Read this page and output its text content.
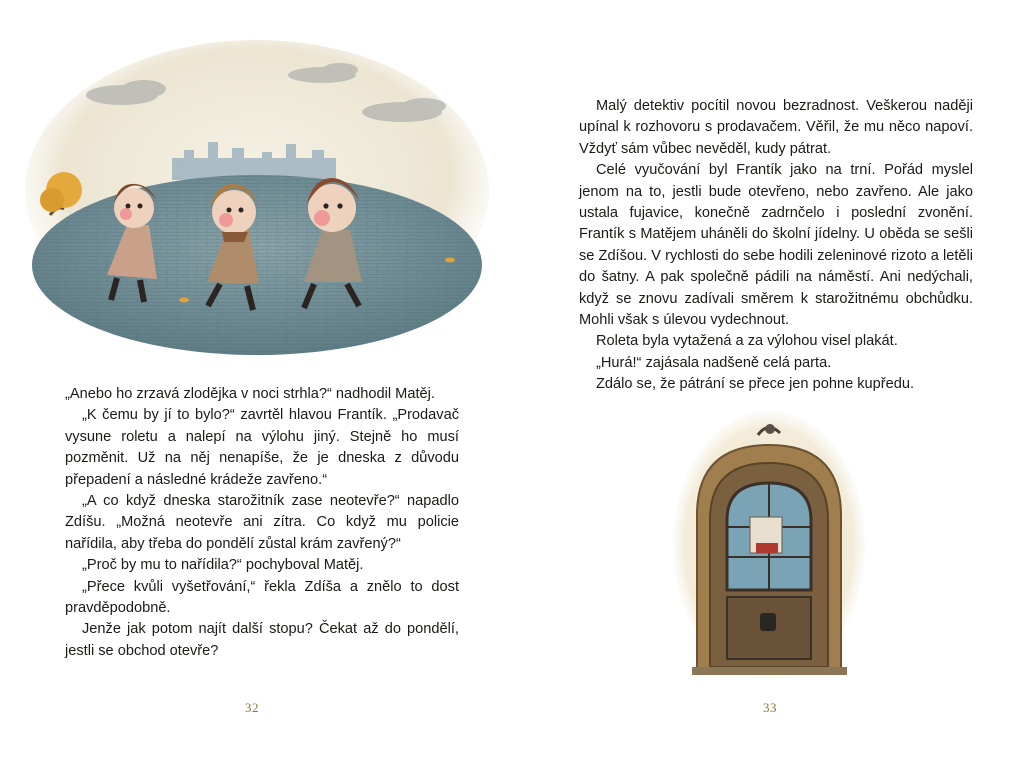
„Anebo ho zrzavá zlodějka v noci strhla?“ nadhodil Matěj.

„K čemu by jí to bylo?“ zavrtěl hlavou Frantík. „Prodavač vysune roletu a nalepí na výlohu jiný. Stejně ho musí pozměnit. Už na něj nenapíše, že je dneska z důvodu přepadení a následné krádeže zavřeno.“

„A co když dneska starožitník zase neotevře?“ napadlo Zdíšu. „Možná neotevře ani zítra. Co když mu policie nařídila, aby třeba do pondělí zůstal krám zavřený?“

„Proč by mu to nařídila?“ pochyboval Matěj.

„Přece kvůli vyšetřování,“ řekla Zdíša a znělo to dost pravděpodobně.

Jenže jak potom najít další stopu? Čekat až do pondělí, jestli se obchod otevře?

32

Malý detektiv pocítil novou bezradnost. Veškerou naději upínal k rozhovoru s prodavačem. Věřil, že mu něco napoví. Vždyť sám vůbec nevěděl, kudy pátrat.

Celé vyučování byl Frantík jako na trní. Pořád myslel jenom na to, jestli bude otevřeno, nebo zavřeno. Ale jako ustala fujavice, konečně zadrnčelo i poslední zvonění. Frantík s Matějem uháněli do školní jídelny. U oběda se sešli se Zdíšou. V rychlosti do sebe hodili zeleninové rizoto a letěli do šatny. A pak společně pádili na náměstí. Ani nedýchali, když se znovu zadívali směrem k starožitnému obchůdku. Mohli však s úlevou vydechnout.

Roleta byla vytažená a za výlohou visel plakát.

„Hurá!“ zajásala nadšeně celá parta.

Zdálo se, že pátrání se přece jen pohne kupředu.

33
